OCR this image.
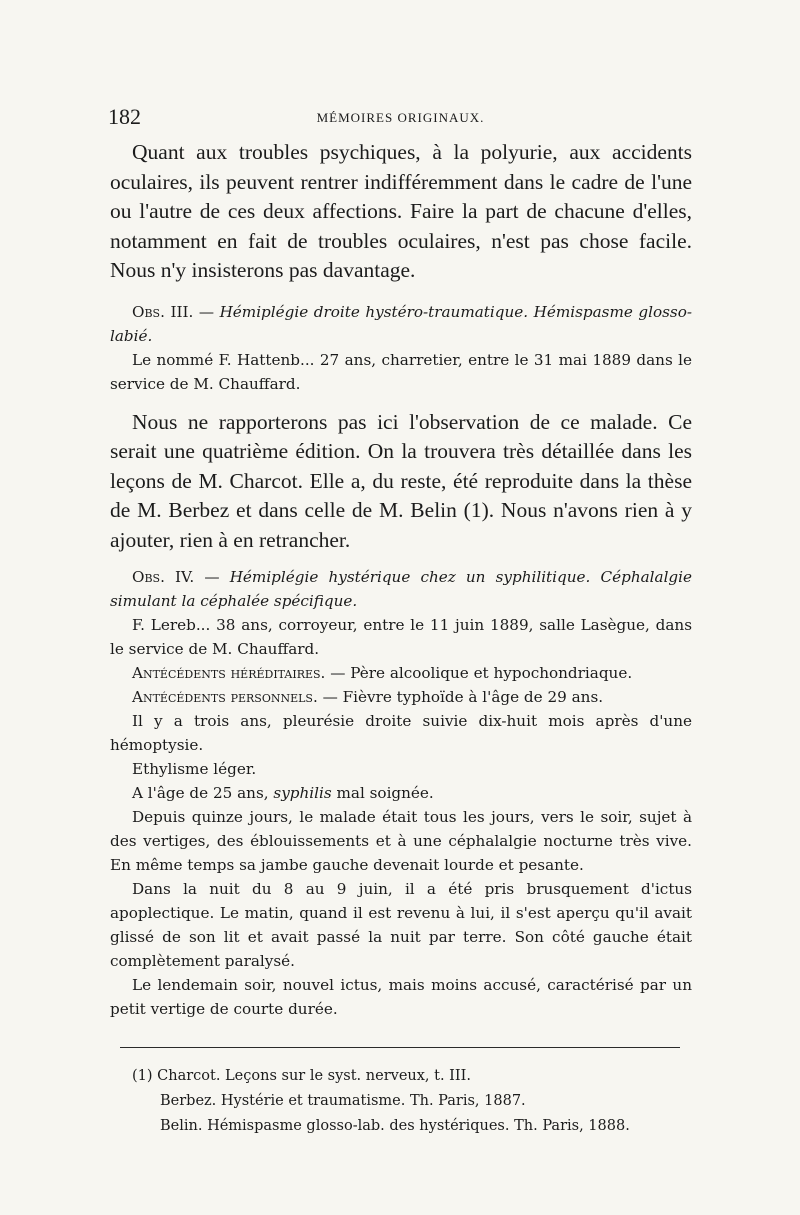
182	MÉMOIRES ORIGINAUX.

Quant aux troubles psychiques, à la polyurie, aux accidents oculaires, ils peuvent rentrer indifféremment dans le cadre de l'une ou l'autre de ces deux affections. Faire la part de chacune d'elles, notamment en fait de troubles oculaires, n'est pas chose facile. Nous n'y insisterons pas davantage.

Obs. III. — Hémiplégie droite hystéro-traumatique. Hémispasme glosso-labié.

Le nommé F. Hattenb... 27 ans, charretier, entre le 31 mai 1889 dans le service de M. Chauffard.

Nous ne rapporterons pas ici l'observation de ce malade. Ce serait une quatrième édition. On la trouvera très détaillée dans les leçons de M. Charcot. Elle a, du reste, été reproduite dans la thèse de M. Berbez et dans celle de M. Belin (1). Nous n'avons rien à y ajouter, rien à en retrancher.

Obs. IV. — Hémiplégie hystérique chez un syphilitique. Céphalalgie simulant la céphalée spécifique.

F. Lereb... 38 ans, corroyeur, entre le 11 juin 1889, salle Lasègue, dans le service de M. Chauffard.

Antécédents héréditaires. — Père alcoolique et hypochondriaque.

Antécédents personnels. — Fièvre typhoïde à l'âge de 29 ans.

Il y a trois ans, pleurésie droite suivie dix-huit mois après d'une hémoptysie.

Ethylisme léger.

A l'âge de 25 ans, syphilis mal soignée.

Depuis quinze jours, le malade était tous les jours, vers le soir, sujet à des vertiges, des éblouissements et à une céphalalgie nocturne très vive. En même temps sa jambe gauche devenait lourde et pesante.

Dans la nuit du 8 au 9 juin, il a été pris brusquement d'ictus apoplectique. Le matin, quand il est revenu à lui, il s'est aperçu qu'il avait glissé de son lit et avait passé la nuit par terre. Son côté gauche était complètement paralysé.

Le lendemain soir, nouvel ictus, mais moins accusé, caractérisé par un petit vertige de courte durée.

(1) Charcot. Leçons sur le syst. nerveux, t. III.

Berbez. Hystérie et traumatisme. Th. Paris, 1887.

Belin. Hémispasme glosso-lab. des hystériques. Th. Paris, 1888.
